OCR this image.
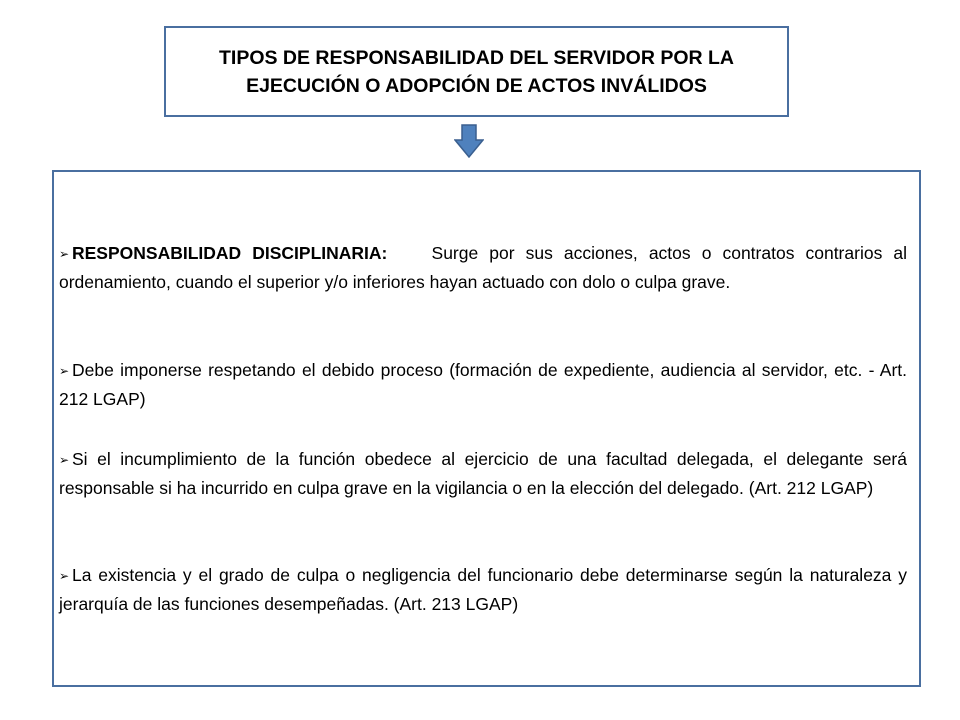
TIPOS DE RESPONSABILIDAD DEL SERVIDOR POR LA
EJECUCIÓN O ADOPCIÓN DE ACTOS INVÁLIDOS
➢ RESPONSABILIDAD DISCIPLINARIA:	Surge por sus acciones, actos o contratos contrarios al ordenamiento, cuando el superior y/o inferiores hayan actuado con dolo o culpa grave.
➢ Debe imponerse respetando el debido proceso (formación de expediente, audiencia al servidor, etc. - Art. 212 LGAP)
➢ Si el incumplimiento de la función obedece al ejercicio de una facultad delegada, el delegante será responsable si ha incurrido en culpa grave en la vigilancia o en la elección del delegado. (Art. 212 LGAP)
➢ La existencia y el grado de culpa o negligencia del funcionario debe determinarse según la naturaleza y jerarquía de las funciones desempeñadas. (Art. 213 LGAP)
